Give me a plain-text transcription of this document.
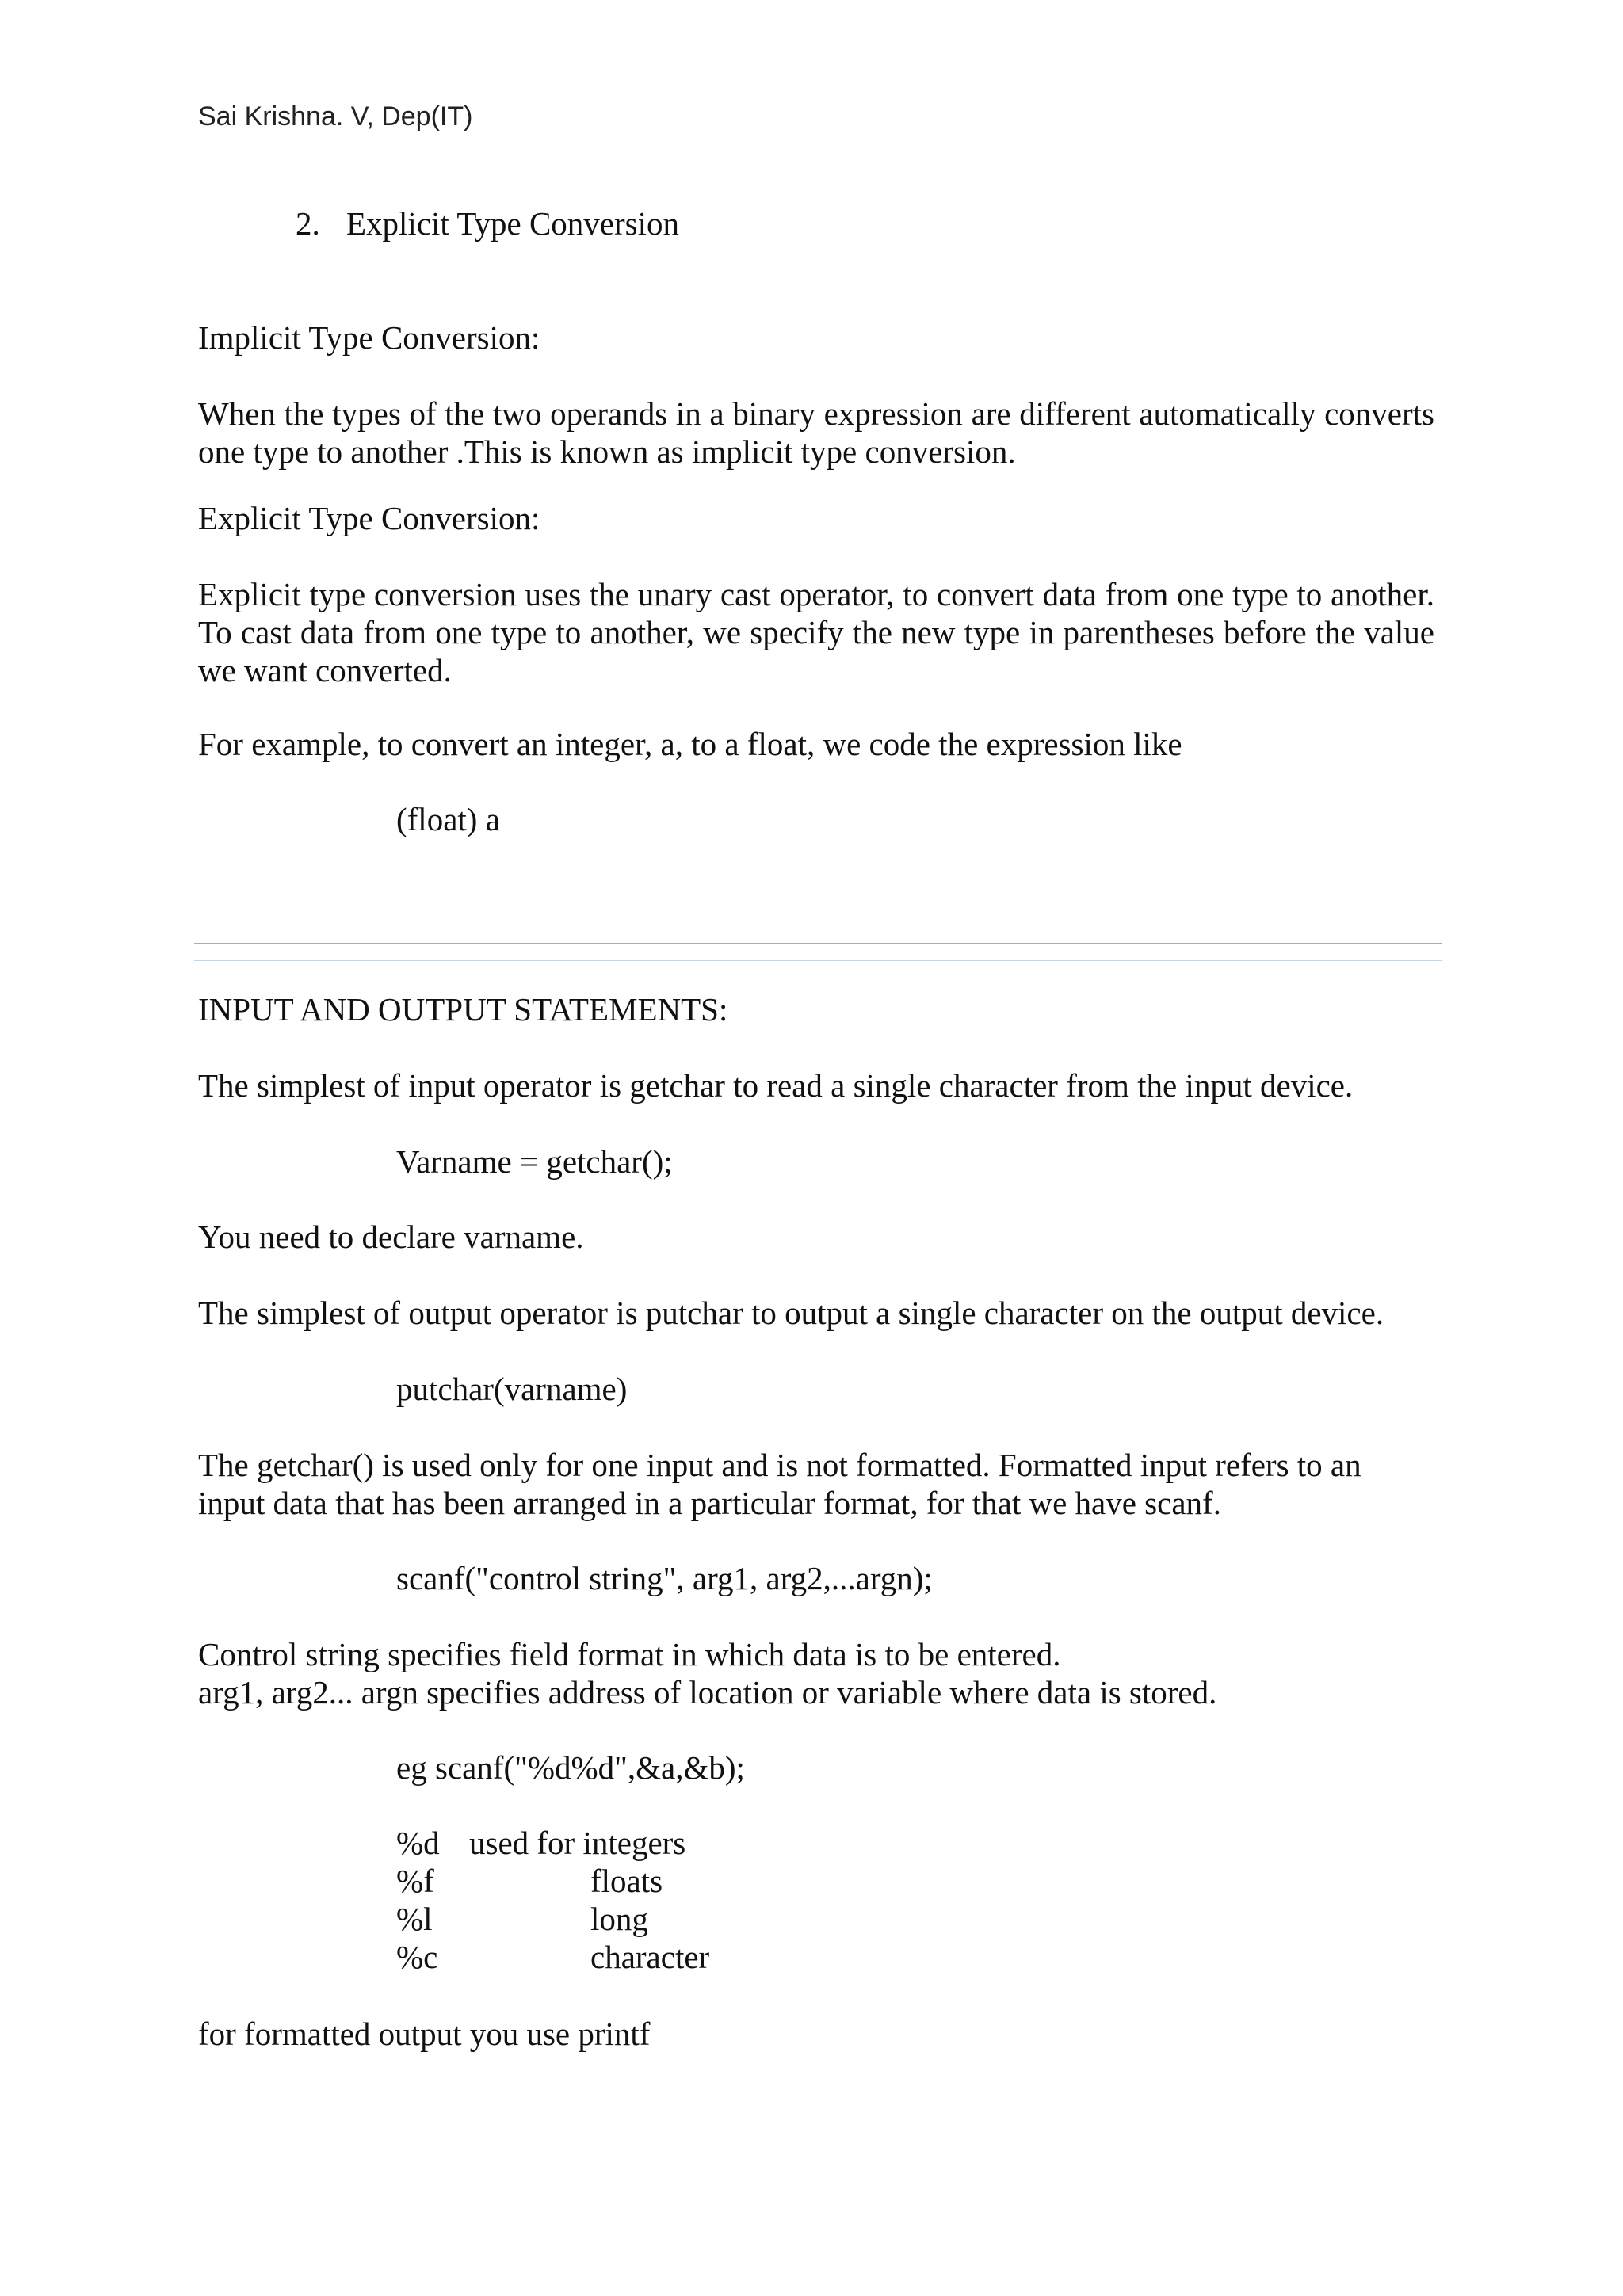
Sai Krishna. V, Dep(IT)
2. Explicit Type Conversion

Implicit Type Conversion:

When the types of the two operands in a binary expression are different automatically converts one type to another .This is known as implicit type conversion.

Explicit Type Conversion:

Explicit type conversion uses the unary cast operator, to convert data from one type to another. To cast data from one type to another, we specify the new type in parentheses before the value we want converted.

For example, to convert an integer, a, to a float, we code the expression like

(float) a

INPUT AND OUTPUT STATEMENTS:

The simplest of input operator is getchar to read a single character from the input device.

Varname = getchar();

You need to declare varname.

The simplest of output operator is putchar to output a single character on the output device.

putchar(varname)

The getchar() is used only for one input and is not formatted. Formatted input refers to an

input data that has been arranged in a particular format, for that we have scanf.

scanf("control string", arg1, arg2,...argn);

Control string specifies field format in which data is to be entered.

arg1, arg2... argn specifies address of location or variable where data is stored.

eg scanf("%d%d",&a,&b);

%d used for integers
%f	floats
%l	long
%c	character

for formatted output you use printf
